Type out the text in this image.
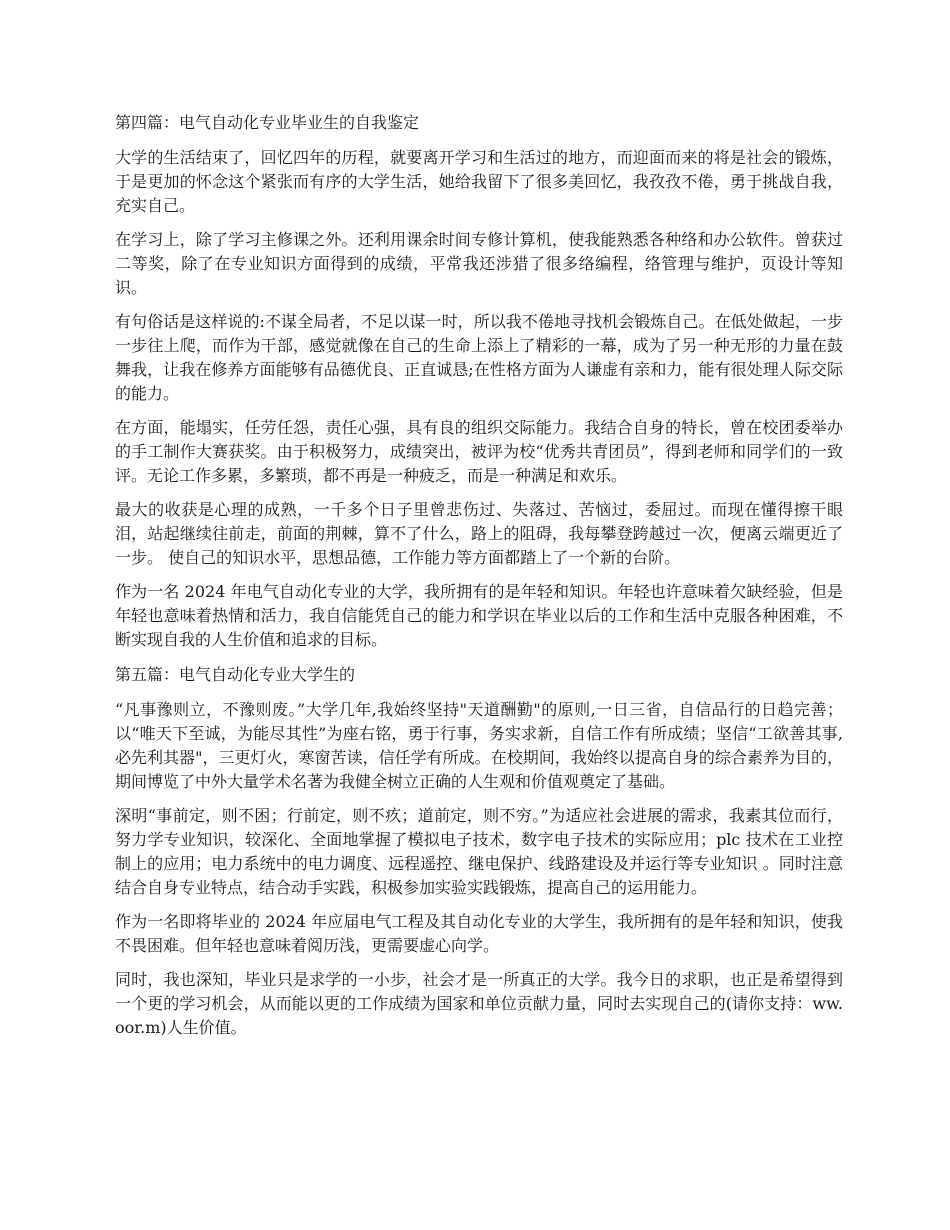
第四篇：电气自动化专业毕业生的自我鉴定
大学的生活结束了，回忆四年的历程，就要离开学习和生活过的地方，而迎面而来的将是社会的锻炼，于是更加的怀念这个紧张而有序的大学生活，她给我留下了很多美回忆，我孜孜不倦，勇于挑战自我，充实自己。
在学习上，除了学习主修课之外。还利用课余时间专修计算机，使我能熟悉各种络和办公软件。曾获过二等奖，除了在专业知识方面得到的成绩，平常我还涉猎了很多络编程，络管理与维护，页设计等知识。
有句俗话是这样说的:不谋全局者，不足以谋一时，所以我不倦地寻找机会锻炼自己。在低处做起，一步一步往上爬，而作为干部，感觉就像在自己的生命上添上了精彩的一幕，成为了另一种无形的力量在鼓舞我，让我在修养方面能够有品德优良、正直诚恳;在性格方面为人谦虚有亲和力，能有很处理人际交际的能力。
在方面，能塌实，任劳任怨，责任心强，具有良的组织交际能力。我结合自身的特长，曾在校团委举办的手工制作大赛获奖。由于积极努力，成绩突出，被评为校“优秀共青团员”，得到老师和同学们的一致评。无论工作多累，多繁琐，都不再是一种疲乏，而是一种满足和欢乐。
最大的收获是心理的成熟，一千多个日子里曾悲伤过、失落过、苦恼过，委屈过。而现在懂得擦干眼泪，站起继续往前走，前面的荆棘，算不了什么，路上的阻碍，我每攀登跨越过一次，便离云端更近了一步。 使自己的知识水平，思想品德，工作能力等方面都踏上了一个新的台阶。
作为一名 2024 年电气自动化专业的大学，我所拥有的是年轻和知识。年轻也许意味着欠缺经验，但是年轻也意味着热情和活力，我自信能凭自己的能力和学识在毕业以后的工作和生活中克服各种困难，不断实现自我的人生价值和追求的目标。
第五篇：电气自动化专业大学生的
“凡事豫则立，不豫则废。”大学几年,我始终坚持"天道酬勤"的原则,一日三省，自信品行的日趋完善；以“唯天下至诚，为能尽其性”为座右铭，勇于行事，务实求新，自信工作有所成绩；坚信“工欲善其事,必先利其器"，三更灯火，寒窗苦读，信任学有所成。在校期间，我始终以提高自身的综合素养为目的，期间博览了中外大量学术名著为我健全树立正确的人生观和价值观奠定了基础。
深明“事前定，则不困；行前定，则不疚；道前定，则不穷。”为适应社会进展的需求，我素其位而行，努力学专业知识，较深化、全面地掌握了模拟电子技术，数字电子技术的实际应用；plc 技术在工业控制上的应用；电力系统中的电力调度、远程遥控、继电保护、线路建设及并运行等专业知识 。同时注意结合自身专业特点，结合动手实践，积极参加实验实践锻炼，提高自己的运用能力。
作为一名即将毕业的 2024 年应届电气工程及其自动化专业的大学生，我所拥有的是年轻和知识，使我不畏困难。但年轻也意味着阅历浅，更需要虚心向学。
同时，我也深知，毕业只是求学的一小步，社会才是一所真正的大学。我今日的求职，也正是希望得到一个更的学习机会，从而能以更的工作成绩为国家和单位贡献力量，同时去实现自己的(请你支持：ww.oor.m)人生价值。
